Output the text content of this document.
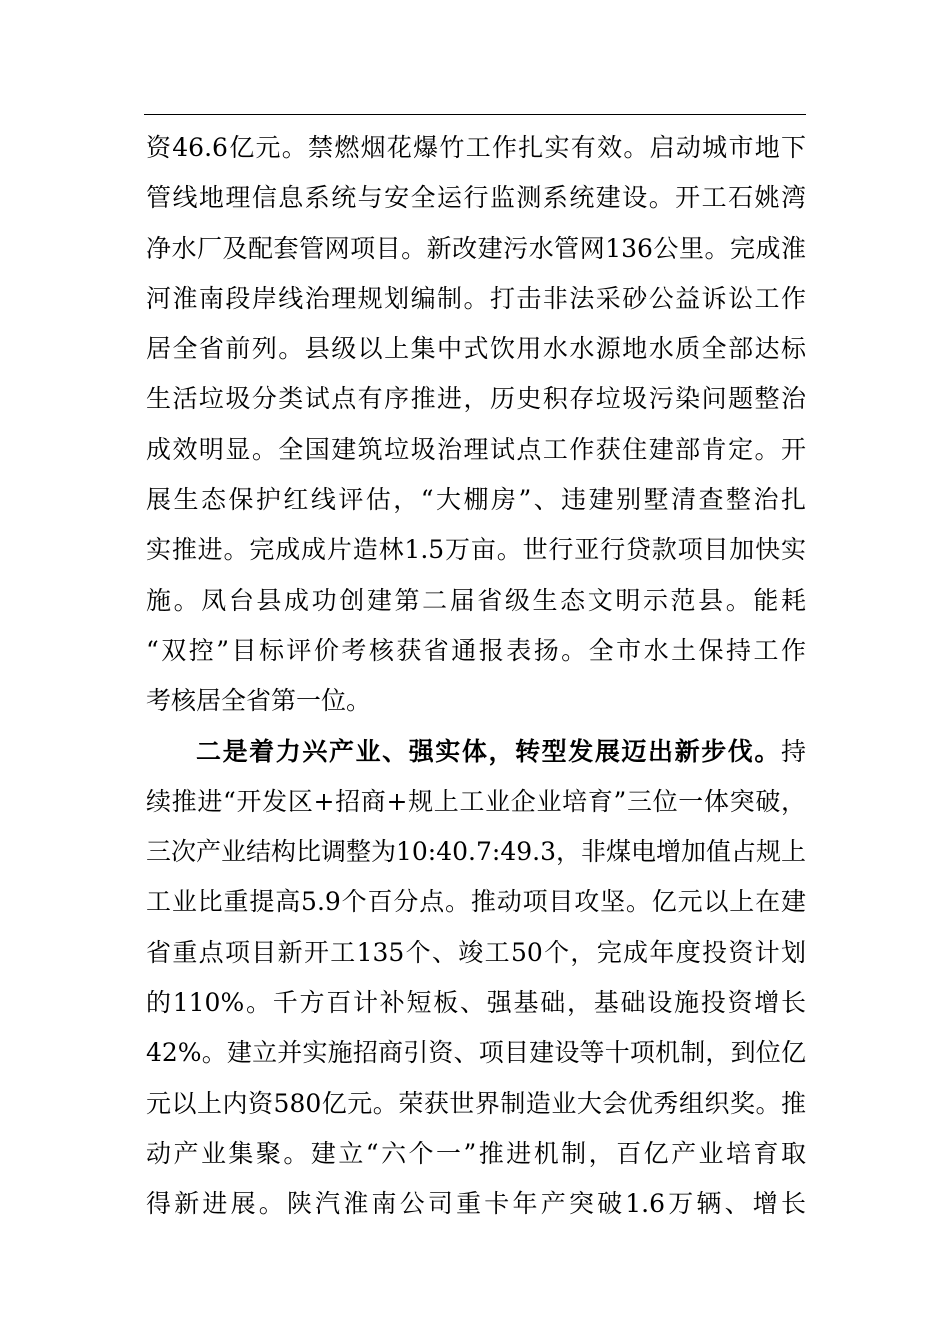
资46.6亿元。禁燃烟花爆竹工作扎实有效。启动城市地下
管线地理信息系统与安全运行监测系统建设。开工石姚湾
净水厂及配套管网项目。新改建污水管网136公里。完成淮
河淮南段岸线治理规划编制。打击非法采砂公益诉讼工作
居全省前列。县级以上集中式饮用水水源地水质全部达标
生活垃圾分类试点有序推进，历史积存垃圾污染问题整治
成效明显。全国建筑垃圾治理试点工作获住建部肯定。开
展生态保护红线评估，“大棚房”、违建别墅清查整治扎
实推进。完成成片造林1.5万亩。世行亚行贷款项目加快实
施。凤台县成功创建第二届省级生态文明示范县。能耗
“双控”目标评价考核获省通报表扬。全市水土保持工作
考核居全省第一位。
二是着力兴产业、强实体，转型发展迈出新步伐。持
续推进“开发区+招商+规上工业企业培育”三位一体突破，
三次产业结构比调整为10:40.7:49.3，非煤电增加值占规上
工业比重提高5.9个百分点。推动项目攻坚。亿元以上在建
省重点项目新开工135个、竣工50个，完成年度投资计划
的110%。千方百计补短板、强基础，基础设施投资增长
42%。建立并实施招商引资、项目建设等十项机制，到位亿
元以上内资580亿元。荣获世界制造业大会优秀组织奖。推
动产业集聚。建立“六个一”推进机制，百亿产业培育取
得新进展。陕汽淮南公司重卡年产突破1.6万辆、增长
